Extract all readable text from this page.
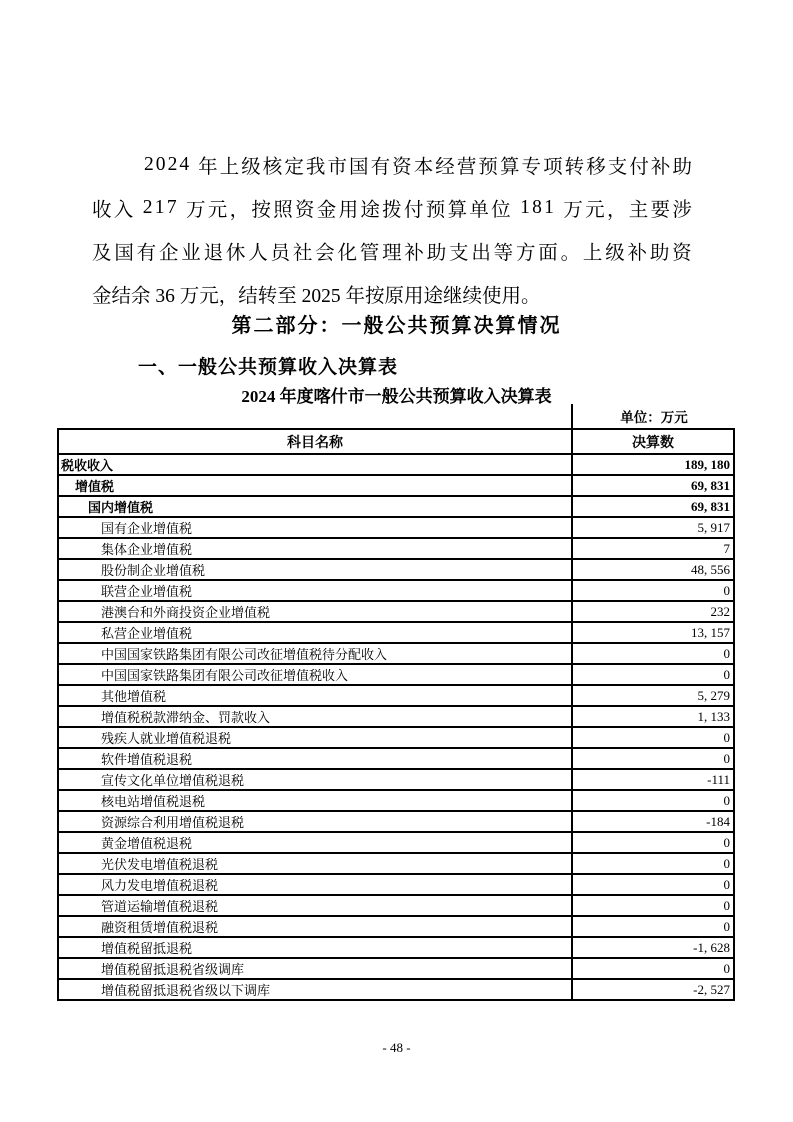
2 0 2 4
年 上 级 核 定 我 市 国 有 资 本 经 营 预 算 专 项 转 移 支 付 补 助
收 入
2 1 7
万 元 ， 按 照 资 金 用 途 拨 付 预 算 单 位
1 8 1
万 元 ， 主 要 涉
及 国 有 企 业 退 休 人 员 社 会 化 管 理 补 助 支 出 等 方 面 。 上 级 补 助 资
金结余 36 万元，结转至 2025 年按原用途继续使用。
第二部分：一般公共预算决算情况
一、一般公共预算收入决算表
2024 年度喀什市一般公共预算收入决算表
单位：万元
科目名称	决算数
税收收入	189, 180
增值税	69, 831
国内增值税	69, 831
国有企业增值税	5, 917
集体企业增值税	7
股份制企业增值税	48, 556
联营企业增值税	0
港澳台和外商投资企业增值税	232
私营企业增值税	13, 157
中国国家铁路集团有限公司改征增值税待分配收入	0
中国国家铁路集团有限公司改征增值税收入	0
其他增值税	5, 279
增值税税款滞纳金、罚款收入	1, 133
残疾人就业增值税退税	0
软件增值税退税	0
宣传文化单位增值税退税	-111
核电站增值税退税	0
资源综合利用增值税退税	-184
黄金增值税退税	0
光伏发电增值税退税	0
风力发电增值税退税	0
管道运输增值税退税	0
融资租赁增值税退税	0
增值税留抵退税	-1, 628
增值税留抵退税省级调库	0
增值税留抵退税省级以下调库	-2, 527
- 48 -
